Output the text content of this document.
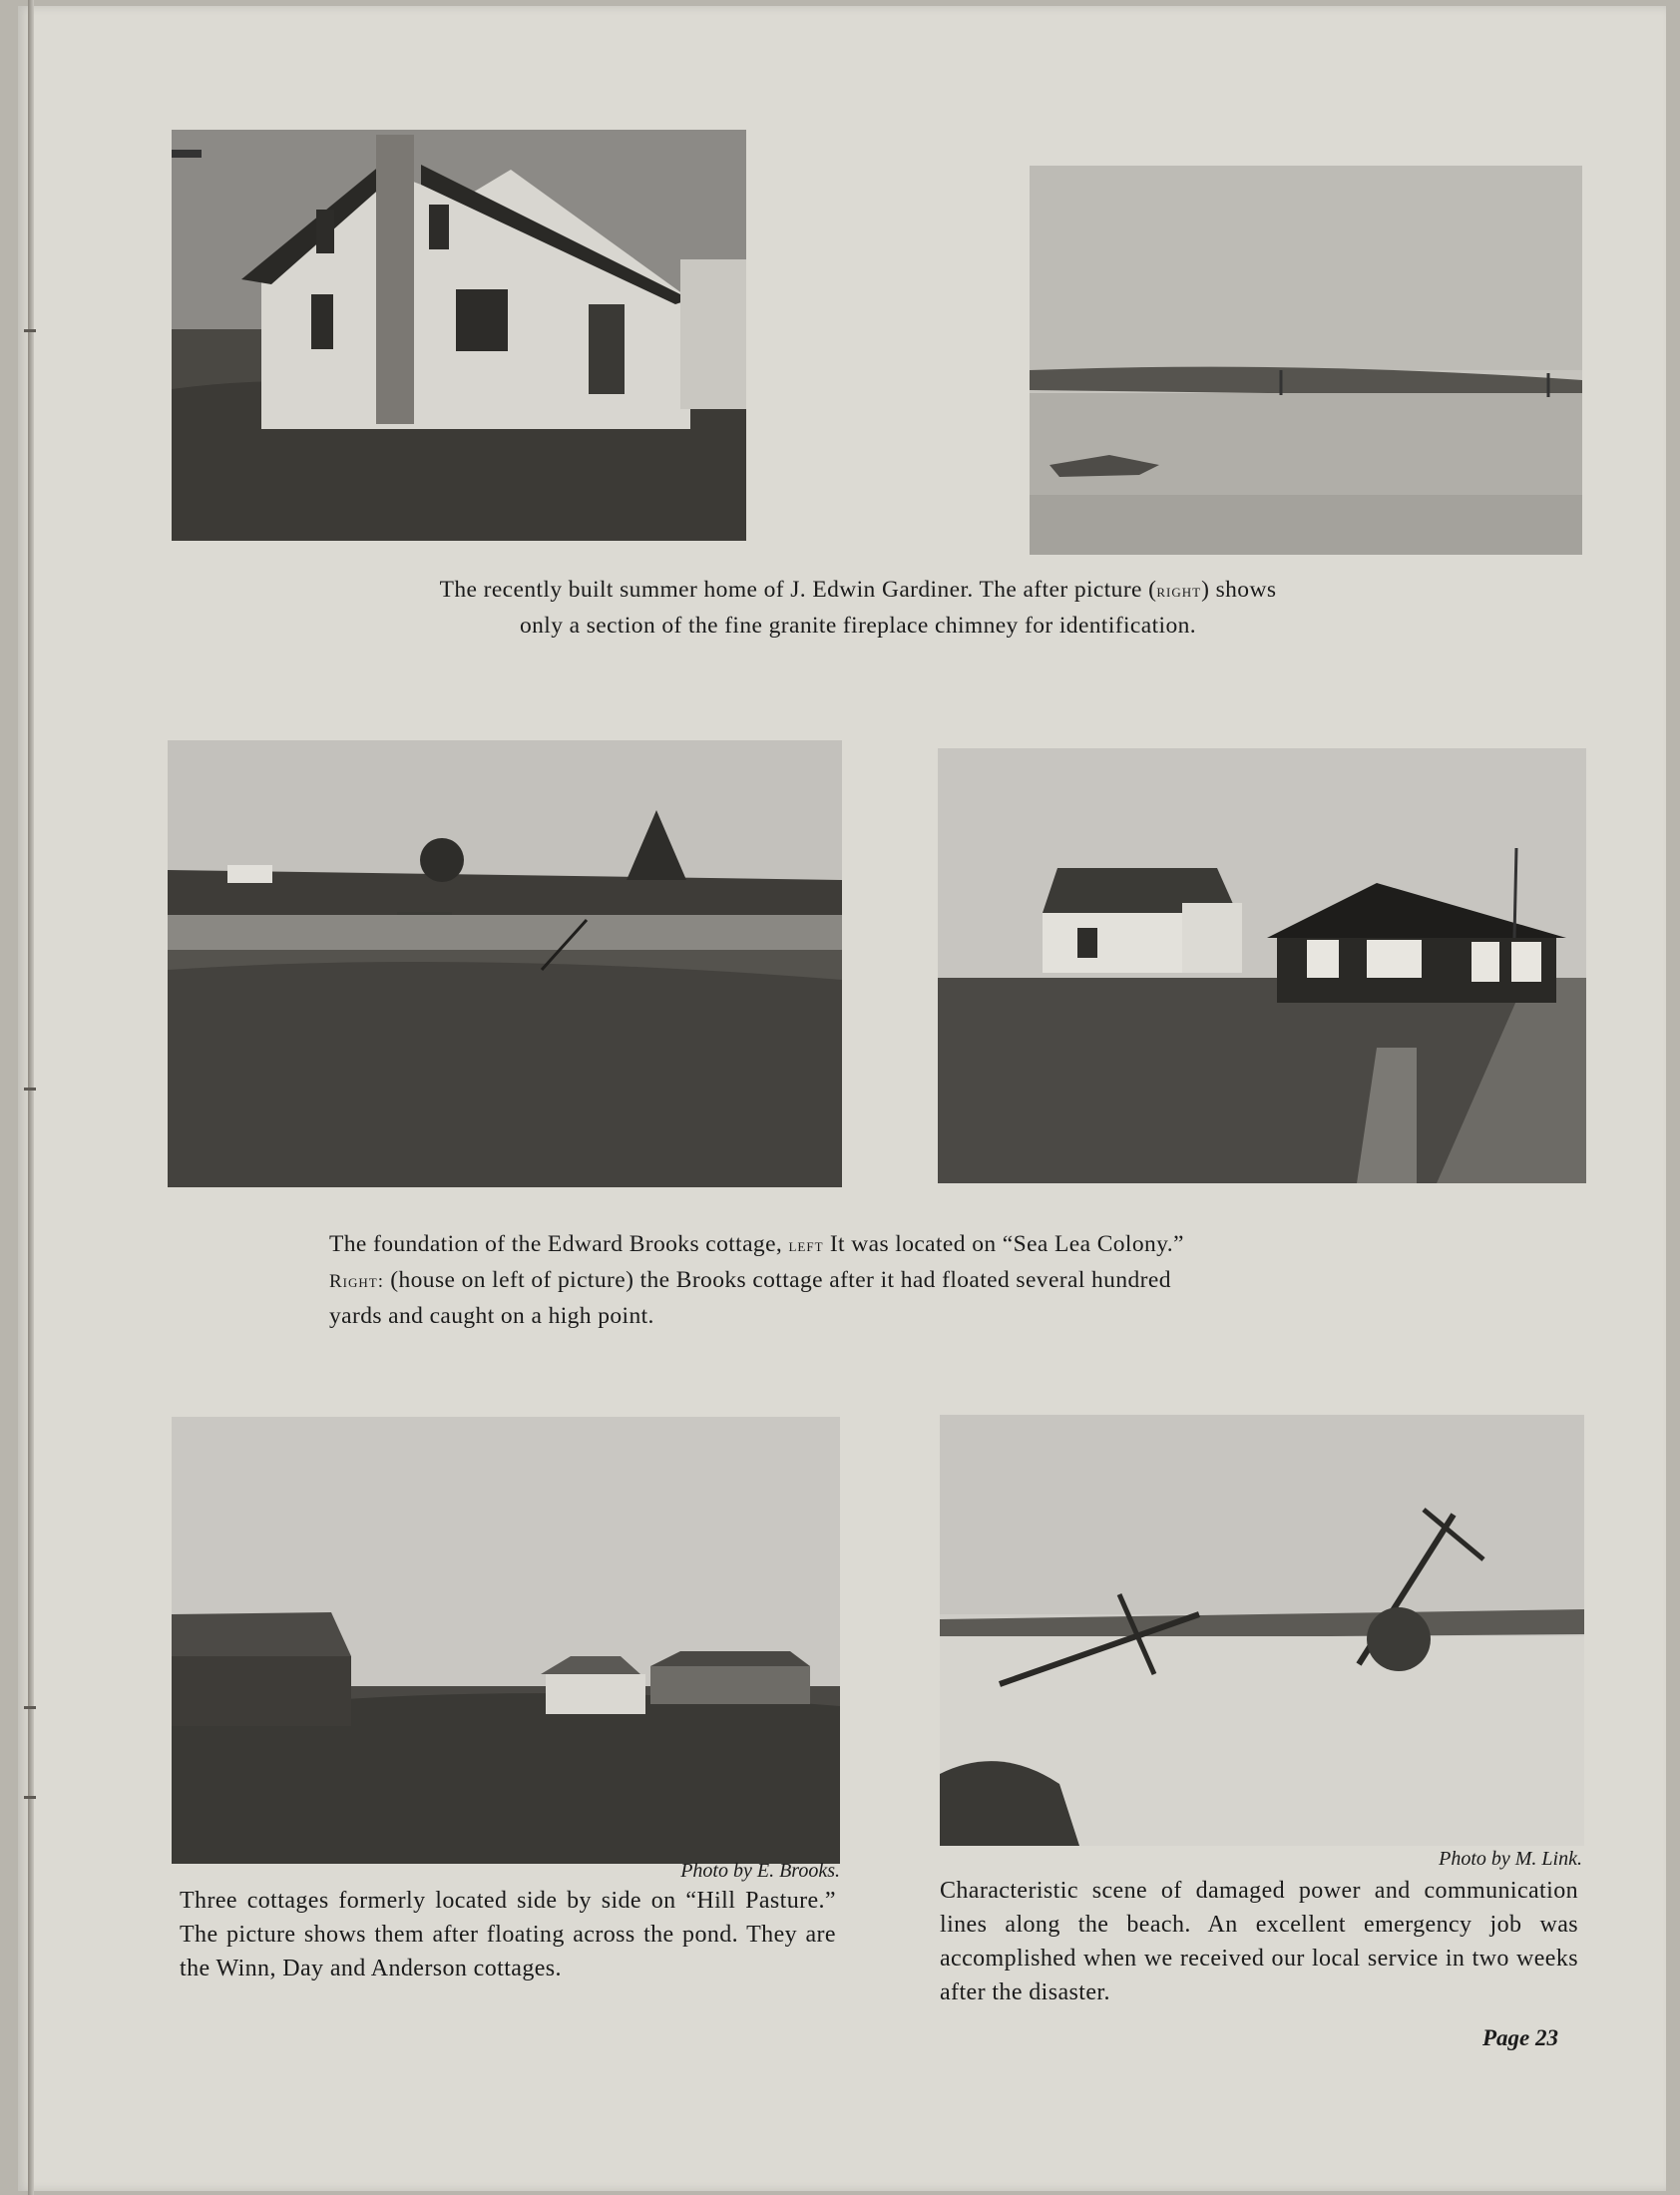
The recently built summer home of J. Edwin Gardiner. The after picture (right) shows
only a section of the fine granite fireplace chimney for identification.
The foundation of the Edward Brooks cottage, left It was located on “Sea Lea Colony.”
Right: (house on left of picture) the Brooks cottage after it had floated several hundred
yards and caught on a high point.
Photo by E. Brooks.
Three cottages formerly located side by side on “Hill Pasture.” The picture shows them after floating across the pond. They are the Winn, Day and Anderson cottages.
Photo by M. Link.
Characteristic scene of damaged power and communication lines along the beach. An excellent emergency job was accomplished when we received our local service in two weeks after the disaster.
Page 23
